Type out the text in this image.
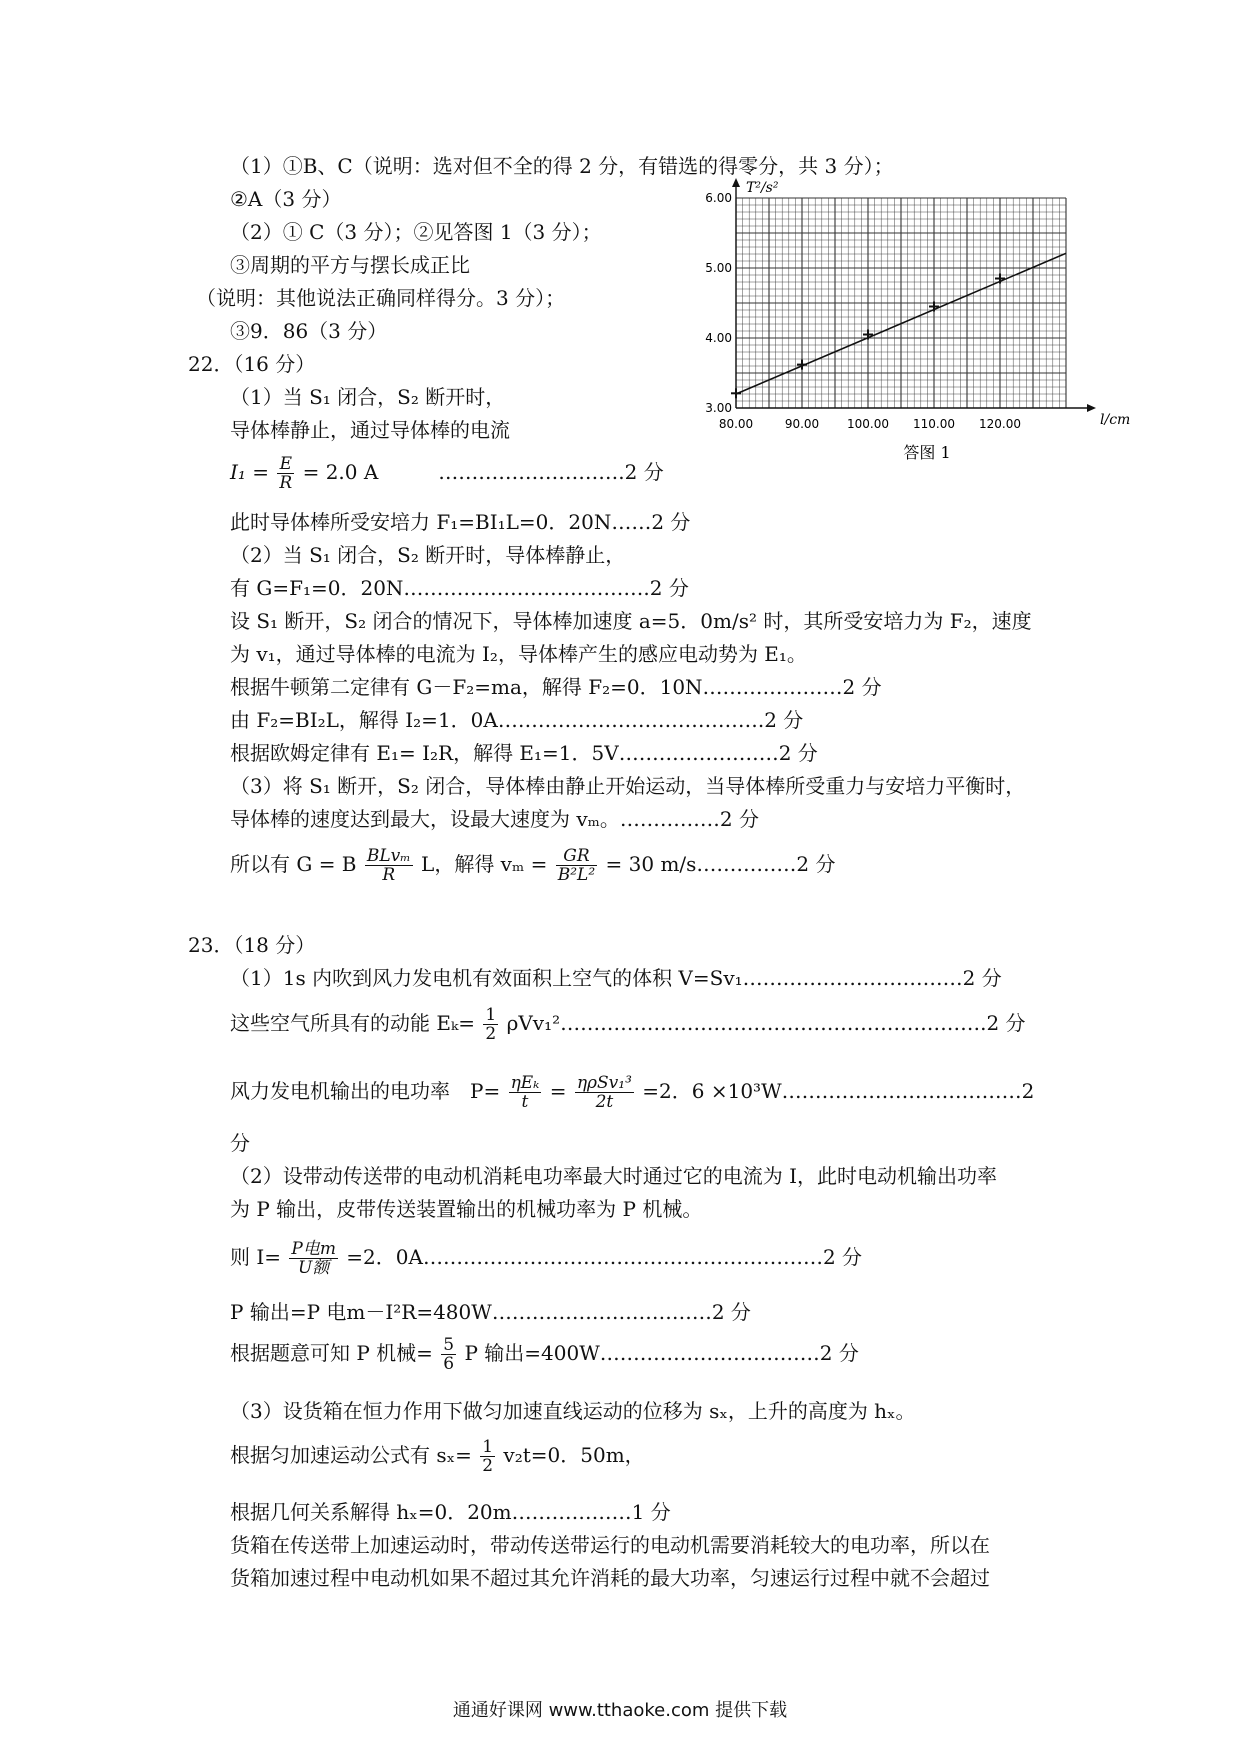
（1）①B、C（说明：选对但不全的得 2 分，有错选的得零分，共 3 分）；
②A（3 分）
（2）① C（3 分）；②见答图 1（3 分）；
③周期的平方与摆长成正比
（说明：其他说法正确同样得分。3 分）；
③9．86（3 分）
22．（16 分）
（1）当 S₁ 闭合，S₂ 断开时，
导体棒静止，通过导体棒的电流
$I_1 = \frac{E}{R} = 2.0$ A　　　……………………….2 分
此时导体棒所受安培力 F₁=BI₁L=0．20N……2 分
（2）当 S₁ 闭合，S₂ 断开时，导体棒静止，
有 G=F₁=0．20N……………………………….2 分
设 S₁ 断开，S₂ 闭合的情况下，导体棒加速度 a=5．0m/s² 时，其所受安培力为 F₂，速度
为 v₁，通过导体棒的电流为 I₂，导体棒产生的感应电动势为 E₁。
根据牛顿第二定律有 G－F₂=ma，解得 F₂=0．10N…………………2 分
由 F₂=BI₂L，解得 I₂=1．0A………………………………….2 分
根据欧姆定律有 E₁= I₂R，解得 E₁=1．5V……………………2 分
（3）将 S₁ 断开，S₂ 闭合，导体棒由静止开始运动，当导体棒所受重力与安培力平衡时，
导体棒的速度达到最大，设最大速度为 vₘ。……………2 分
所以有 G = B $\frac{\text{BLvₘ}}{R}$ L，解得 $v_m = \frac{GR}{\text{B²L²}} = 30$ m/s……………2 分
23．（18 分）
（1）1s 内吹到风力发电机有效面积上空气的体积 V=Sv₁……………………………2 分
这些空气所具有的动能 $E_k= \frac{1}{2}$ ρVv₁²……………………………………………………….2 分
风力发电机输出的电功率　$P= \frac{\text{ηEₖ}}{t} = \frac{\text{ηρSv₁³}}{2t} =2$．6 ×10³W………………………………2
分
（2）设带动传送带的电动机消耗电功率最大时通过它的电流为 I，此时电动机输出功率
为 P 输出，皮带传送装置输出的机械功率为 P 机械。
则 $I= \frac{\text{P电m}}{\text{U额}} =2$．0A……………………………………………………2 分
P 输出=P 电m－I²R=480W……………………………2 分
根据题意可知 P 机械= $\frac{5}{6}$ P 输出=400W……………………………2 分
（3）设货箱在恒力作用下做匀加速直线运动的位移为 sₓ，上升的高度为 hₓ。
根据匀加速运动公式有 $s_x= \frac{1}{2} v_2t=0$．50m，
根据几何关系解得 hₓ=0．20m………………1 分
货箱在传送带上加速运动时，带动传送带运行的电动机需要消耗较大的电功率，所以在
货箱加速过程中电动机如果不超过其允许消耗的最大功率，匀速运行过程中就不会超过
通通好课网 www.tthaoke.com 提供下载
80.00	90.00 100.00 110.00 120.00
3.00
4.00
5.00
6.00
l/cm
T²/s²
答图 1
